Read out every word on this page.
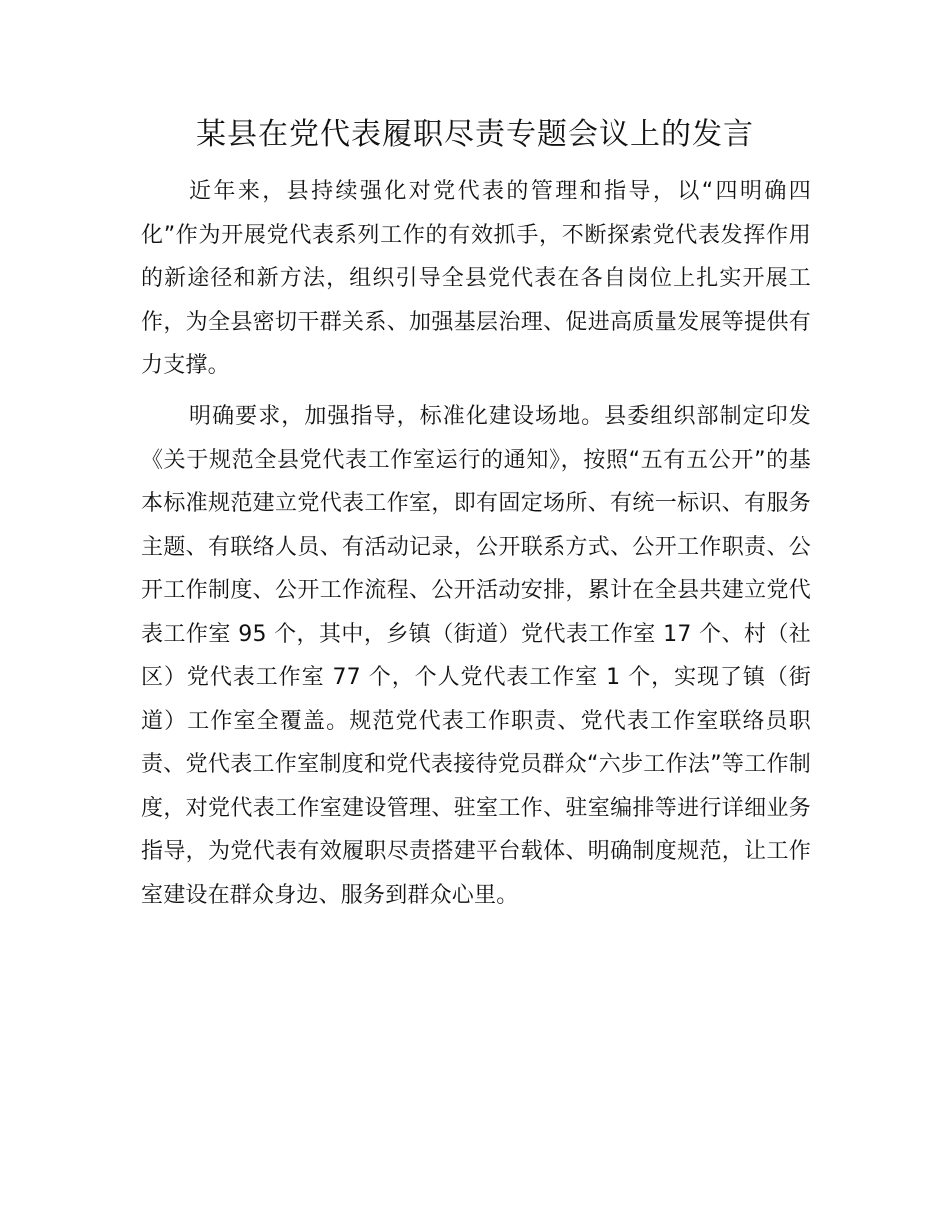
某县在党代表履职尽责专题会议上的发言

近年来，县持续强化对党代表的管理和指导，以“四明确四化”作为开展党代表系列工作的有效抓手，不断探索党代表发挥作用的新途径和新方法，组织引导全县党代表在各自岗位上扎实开展工作，为全县密切干群关系、加强基层治理、促进高质量发展等提供有力支撑。

明确要求，加强指导，标准化建设场地。县委组织部制定印发《关于规范全县党代表工作室运行的通知》，按照“五有五公开”的基本标准规范建立党代表工作室，即有固定场所、有统一标识、有服务主题、有联络人员、有活动记录，公开联系方式、公开工作职责、公开工作制度、公开工作流程、公开活动安排，累计在全县共建立党代表工作室 95 个，其中，乡镇（街道）党代表工作室 17 个、村（社区）党代表工作室 77 个，个人党代表工作室 1 个，实现了镇（街道）工作室全覆盖。规范党代表工作职责、党代表工作室联络员职责、党代表工作室制度和党代表接待党员群众“六步工作法”等工作制度，对党代表工作室建设管理、驻室工作、驻室编排等进行详细业务指导，为党代表有效履职尽责搭建平台载体、明确制度规范，让工作室建设在群众身边、服务到群众心里。
